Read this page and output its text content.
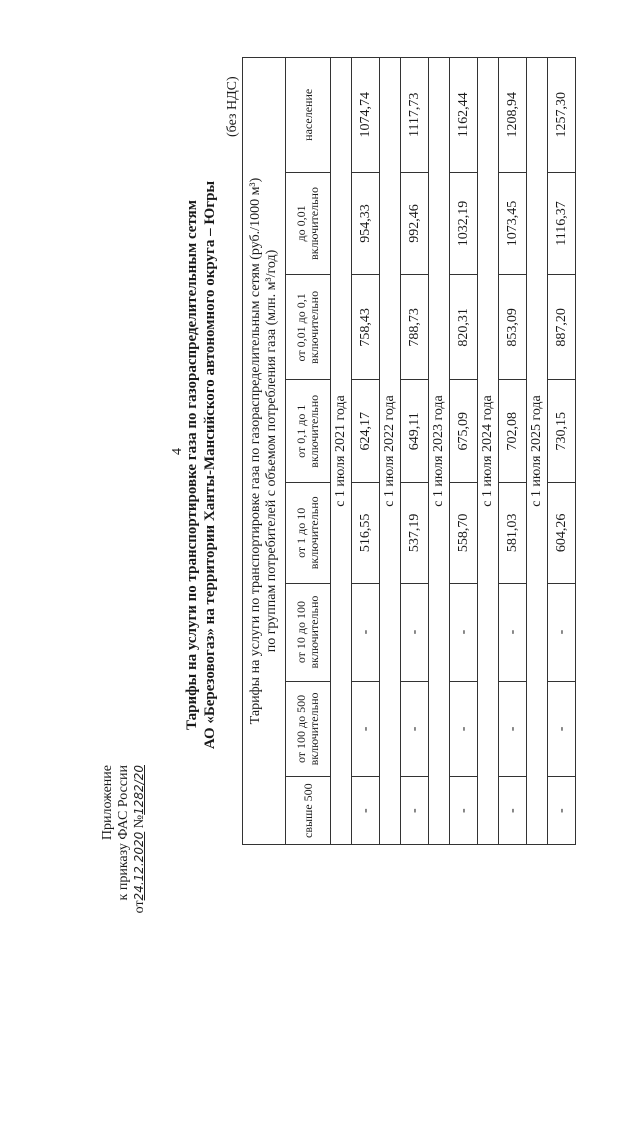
4
Приложение к приказу ФАС России
от24.12.2020 №1282/20
Тарифы на услуги по транспортировке газа по газораспределительным сетям АО «Березовогаз» на территории Ханты-Мансийского автономного округа – Югры
(без НДС)
Тарифы на услуги по транспортировке газа по газораспределительным сетям (руб./1000 м³) по группам потребителей с объемом потребления газа (млн. м³/год)							

свыше 500	от 100 до 500 включительно	от 10 до 100 включительно	от 1 до 10 включительно	от 0,1 до 1 включительно	от 0,01 до 0,1 включительно	до 0,01 включительно	население
с 1 июля 2021 года							
-	-	-	516,55	624,17	758,43	954,33	1074,74
с 1 июля 2022 года							
-	-	-	537,19	649,11	788,73	992,46	1117,73
с 1 июля 2023 года							
-	-	-	558,70	675,09	820,31	1032,19	1162,44
с 1 июля 2024 года							
-	-	-	581,03	702,08	853,09	1073,45	1208,94
с 1 июля 2025 года							
-	-	-	604,26	730,15	887,20	1116,37	1257,30
